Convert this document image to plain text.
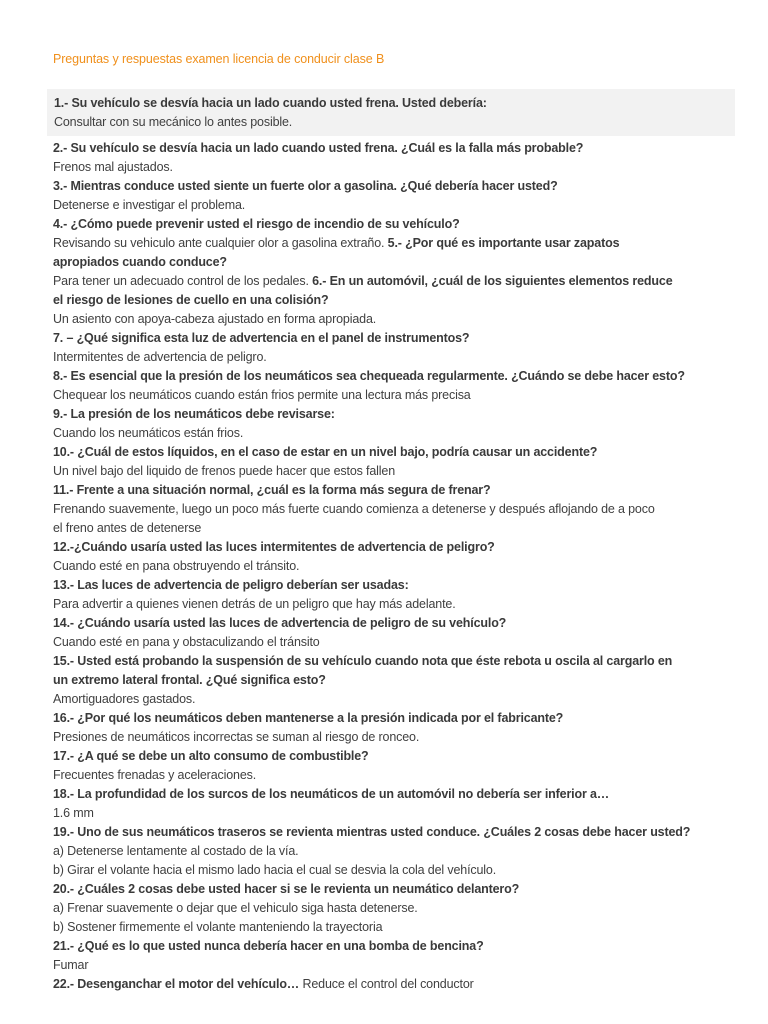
Preguntas y respuestas examen licencia de conducir clase B
1.- Su vehículo se desvía hacia un lado cuando usted frena. Usted debería:
Consultar con su mecánico lo antes posible.
2.- Su vehículo se desvía hacia un lado cuando usted frena. ¿Cuál es la falla más probable?
Frenos mal ajustados.
3.- Mientras conduce usted siente un fuerte olor a gasolina. ¿Qué debería hacer usted?
Detenerse e investigar el problema.
4.- ¿Cómo puede prevenir usted el riesgo de incendio de su vehículo?
Revisando su vehiculo ante cualquier olor a gasolina extraño. 5.- ¿Por qué es importante usar zapatos
apropiados cuando conduce?
Para tener un adecuado control de los pedales. 6.- En un automóvil, ¿cuál de los siguientes elementos reduce
el riesgo de lesiones de cuello en una colisión?
Un asiento con apoya-cabeza ajustado en forma apropiada.
7. – ¿Qué significa esta luz de advertencia en el panel de instrumentos?
Intermitentes de advertencia de peligro.
8.- Es esencial que la presión de los neumáticos sea chequeada regularmente. ¿Cuándo se debe hacer esto?
Chequear los neumáticos cuando están frios permite una lectura más precisa
9.- La presión de los neumáticos debe revisarse:
Cuando los neumáticos están frios.
10.- ¿Cuál de estos líquidos, en el caso de estar en un nivel bajo, podría causar un accidente?
Un nivel bajo del liquido de frenos puede hacer que estos fallen
11.- Frente a una situación normal, ¿cuál es la forma más segura de frenar?
Frenando suavemente, luego un poco más fuerte cuando comienza a detenerse y después aflojando de a poco
el freno antes de detenerse
12.-¿Cuándo usaría usted las luces intermitentes de advertencia de peligro?
Cuando esté en pana obstruyendo el tránsito.
13.- Las luces de advertencia de peligro deberían ser usadas:
Para advertir a quienes vienen detrás de un peligro que hay más adelante.
14.- ¿Cuándo usaría usted las luces de advertencia de peligro de su vehículo?
Cuando esté en pana y obstaculizando el tránsito
15.- Usted está probando la suspensión de su vehículo cuando nota que éste rebota u oscila al cargarlo en
un extremo lateral frontal. ¿Qué significa esto?
Amortiguadores gastados.
16.- ¿Por qué los neumáticos deben mantenerse a la presión indicada por el fabricante?
Presiones de neumáticos incorrectas se suman al riesgo de ronceo.
17.- ¿A qué se debe un alto consumo de combustible?
Frecuentes frenadas y aceleraciones.
18.- La profundidad de los surcos de los neumáticos de un automóvil no debería ser inferior a…
1.6 mm
19.- Uno de sus neumáticos traseros se revienta mientras usted conduce. ¿Cuáles 2 cosas debe hacer usted?
a) Detenerse lentamente al costado de la vía.
b) Girar el volante hacia el mismo lado hacia el cual se desvia la cola del vehículo.
20.- ¿Cuáles 2 cosas debe usted hacer si se le revienta un neumático delantero?
a) Frenar suavemente o dejar que el vehiculo siga hasta detenerse.
b) Sostener firmemente el volante manteniendo la trayectoria
21.- ¿Qué es lo que usted nunca debería hacer en una bomba de bencina?
Fumar
22.- Desenganchar el motor del vehículo… Reduce el control del conductor
